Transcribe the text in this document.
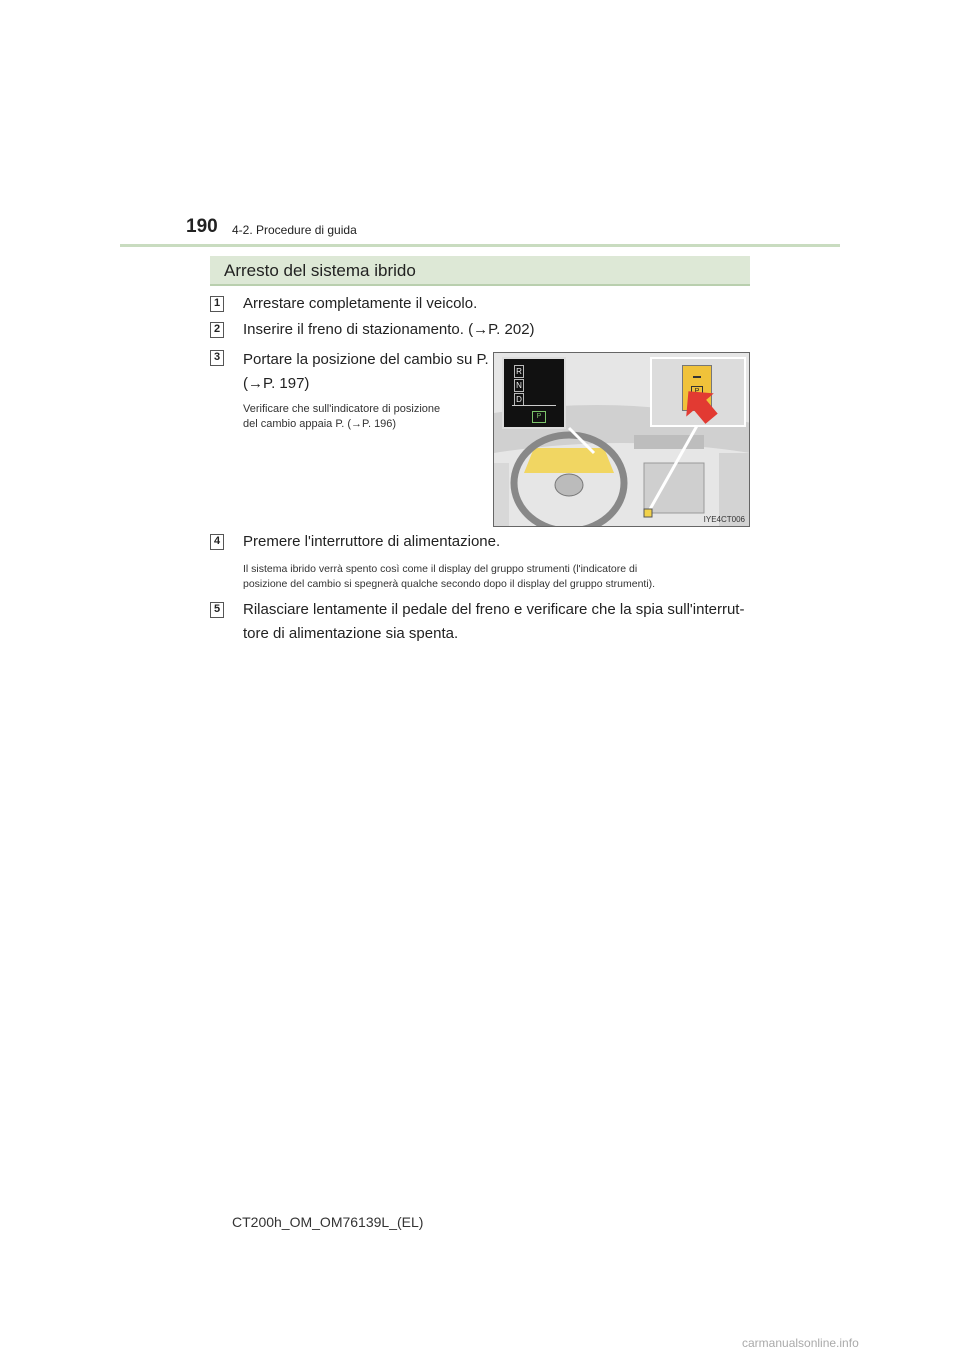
190 4-2. Procedure di guida
Arresto del sistema ibrido
1 Arrestare completamente il veicolo.
2 Inserire il freno di stazionamento. (→P. 202)
3 Portare la posizione del cambio su P.
(→P. 197)
Verificare che sull'indicatore di posizione
del cambio appaia P. (→P. 196)
R
N
D
P
P
IYE4CT006
4 Premere l'interruttore di alimentazione.
Il sistema ibrido verrà spento così come il display del gruppo strumenti (l'indicatore di
posizione del cambio si spegnerà qualche secondo dopo il display del gruppo strumenti).
5 Rilasciare lentamente il pedale del freno e verificare che la spia sull'interrut-
tore di alimentazione sia spenta.
CT200h_OM_OM76139L_(EL)
carmanualsonline.info
